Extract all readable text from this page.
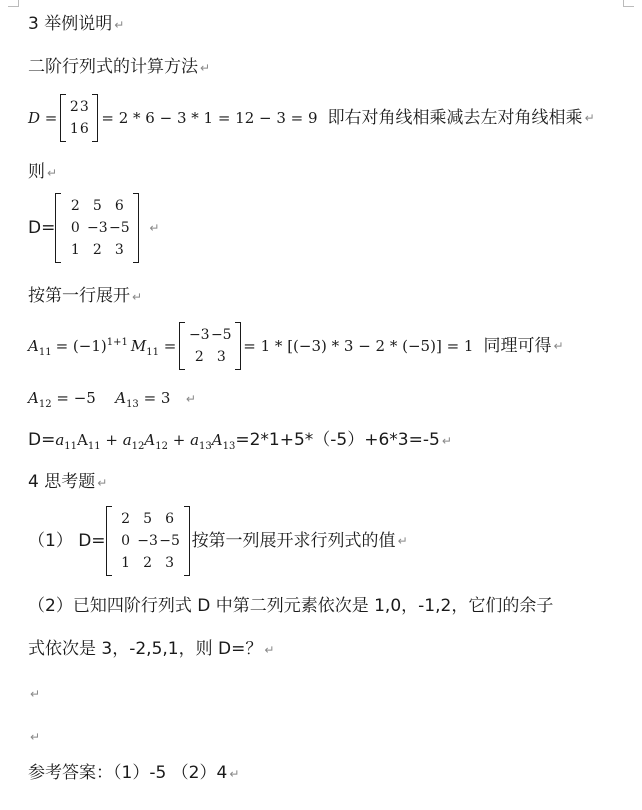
3 举例说明 ↵
二阶行列式的计算方法 ↵
D =
2 3
1 6
= 2 * 6 − 3 * 1 = 12 − 3 = 9 即右对角线相乘减去左对角线相乘 ↵
则 ↵
D=
2 5 6
0 −3 −5
1 2 3
↵
按第一行展开 ↵
$A_{11} = (-1)^{1+1}$ $M_{11}$ =
−3 −5
2 3
= 1 * [(−3) * 3 − 2 * (−5)] = 1 同理可得 ↵
$A_{12} = -5$ $A_{13} = 3$ ↵
$D=a_{11}A_{11} + a_{12}A_{12} + a_{13}A_{13}=2*1+5*(-5)+6*3=-5$ ↵
4 思考题 ↵
（1） D=
2 5 6
0 −3 −5
1 2 3
按第一列展开求行列式的值 ↵
（2）已知四阶行列式 D 中第二列元素依次是 1,0，-1,2，它们的余子
式依次是 3，-2,5,1，则 D=？ ↵
↵
↵
参考答案：（1）-5 （2）4 ↵
